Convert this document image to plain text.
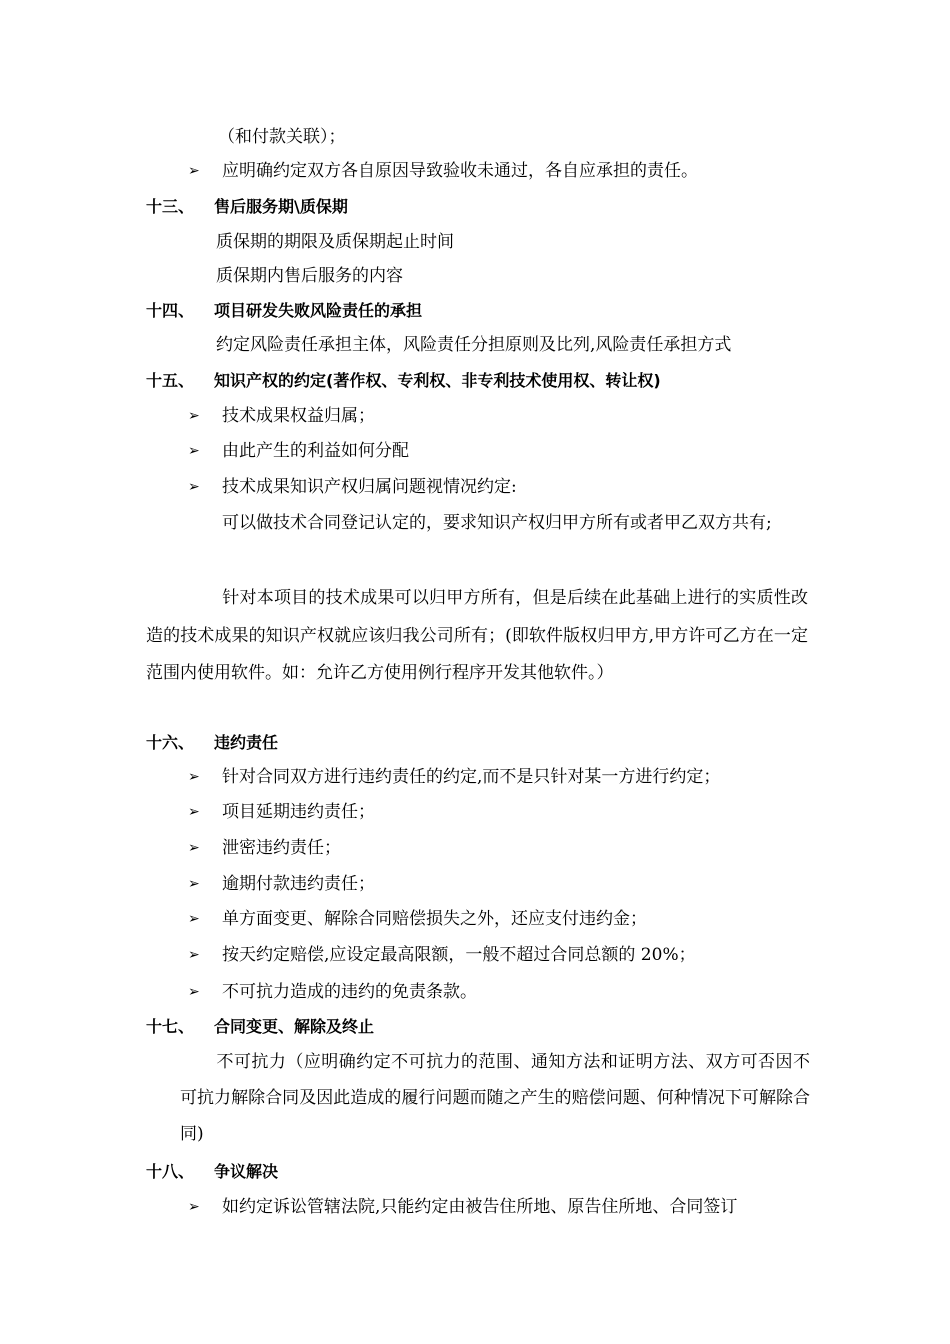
（和付款关联）；
➢ 应明确约定双方各自原因导致验收未通过，各自应承担的责任。
十三、 售后服务期\质保期
质保期的期限及质保期起止时间
质保期内售后服务的内容
十四、 项目研发失败风险责任的承担
约定风险责任承担主体，风险责任分担原则及比列,风险责任承担方式
十五、 知识产权的约定(著作权、专利权、非专利技术使用权、转让权)
➢ 技术成果权益归属；
➢ 由此产生的利益如何分配
➢ 技术成果知识产权归属问题视情况约定:
可以做技术合同登记认定的，要求知识产权归甲方所有或者甲乙双方共有;
针对本项目的技术成果可以归甲方所有，但是后续在此基础上进行的实质性改造的技术成果的知识产权就应该归我公司所有；(即软件版权归甲方,甲方许可乙方在一定范围内使用软件。如：允许乙方使用例行程序开发其他软件。）
十六、 违约责任
➢ 针对合同双方进行违约责任的约定,而不是只针对某一方进行约定；
➢ 项目延期违约责任；
➢ 泄密违约责任；
➢ 逾期付款违约责任；
➢ 单方面变更、解除合同赔偿损失之外，还应支付违约金；
➢ 按天约定赔偿,应设定最高限额，一般不超过合同总额的 20%；
➢ 不可抗力造成的违约的免责条款。
十七、 合同变更、解除及终止
不可抗力（应明确约定不可抗力的范围、通知方法和证明方法、双方可否因不可抗力解除合同及因此造成的履行问题而随之产生的赔偿问题、何种情况下可解除合同)
十八、 争议解决
➢ 如约定诉讼管辖法院,只能约定由被告住所地、原告住所地、合同签订
